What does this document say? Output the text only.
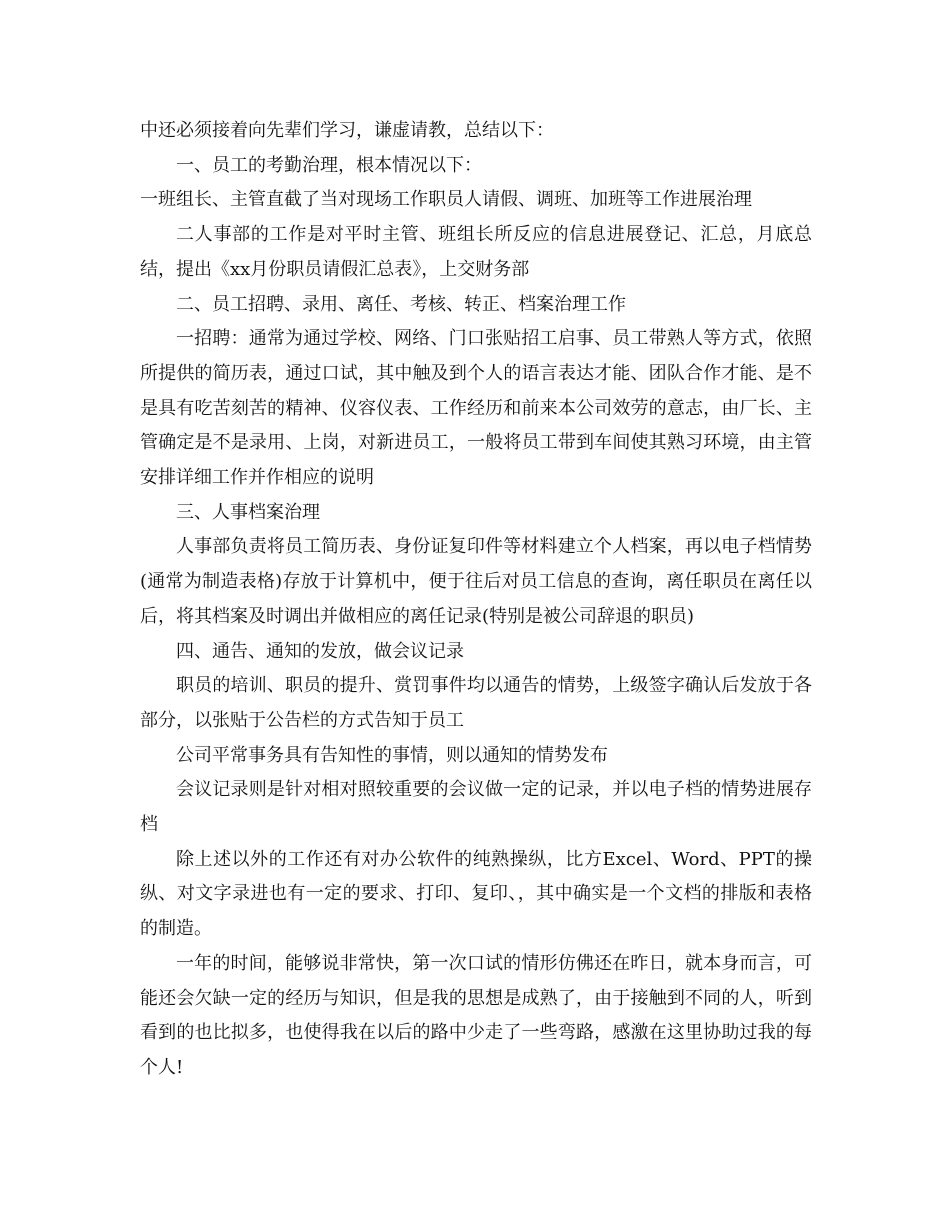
中还必须接着向先辈们学习，谦虚请教，总结以下：

一、员工的考勤治理，根本情况以下：

一班组长、主管直截了当对现场工作职员人请假、调班、加班等工作进展治理

二人事部的工作是对平时主管、班组长所反应的信息进展登记、汇总，月底总结，提出《xx月份职员请假汇总表》，上交财务部

二、员工招聘、录用、离任、考核、转正、档案治理工作

一招聘：通常为通过学校、网络、门口张贴招工启事、员工带熟人等方式，依照所提供的简历表，通过口试，其中触及到个人的语言表达才能、团队合作才能、是不是具有吃苦刻苦的精神、仪容仪表、工作经历和前来本公司效劳的意志，由厂长、主管确定是不是录用、上岗，对新进员工，一般将员工带到车间使其熟习环境，由主管安排详细工作并作相应的说明

三、人事档案治理

人事部负责将员工简历表、身份证复印件等材料建立个人档案，再以电子档情势(通常为制造表格)存放于计算机中，便于往后对员工信息的查询，离任职员在离任以后，将其档案及时调出并做相应的离任记录(特别是被公司辞退的职员)

四、通告、通知的发放，做会议记录

职员的培训、职员的提升、赏罚事件均以通告的情势，上级签字确认后发放于各部分，以张贴于公告栏的方式告知于员工

公司平常事务具有告知性的事情，则以通知的情势发布

会议记录则是针对相对照较重要的会议做一定的记录，并以电子档的情势进展存档

除上述以外的工作还有对办公软件的纯熟操纵，比方Excel、Word、PPT的操纵、对文字录进也有一定的要求、打印、复印、，其中确实是一个文档的排版和表格的制造。

一年的时间，能够说非常快，第一次口试的情形仿佛还在昨日，就本身而言，可能还会欠缺一定的经历与知识，但是我的思想是成熟了，由于接触到不同的人，听到看到的也比拟多，也使得我在以后的路中少走了一些弯路，感激在这里协助过我的每个人!
